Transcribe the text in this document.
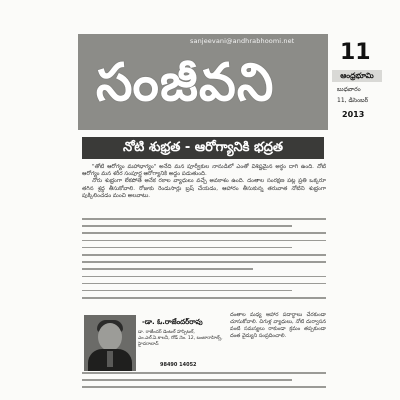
sanjeevani@andhrabhoomi.net
సంజీవని
11
ఆంధ్రభూమి
బుధవారం
11, డిసెంబర్
2013
నోటి శుభ్రత - ఆరోగ్యానికి భద్రత

"తోటి ఆరోగ్యం మహాభాగ్యం" అనేది మన పూర్వీకుల నానుడిలో ఎంతో విశిష్టమైన అర్థం దాగి ఉంది. నోటి ఆరోగ్యం మన శరీర సంపూర్ణ ఆరోగ్యానికి అద్దం పడుతుంది.

నోరు శుభ్రంగా లేకపోతే అనేక రకాల వ్యాధులు వచ్చే అవకాశం ఉంది. దంతాల సంరక్షణ పట్ల ప్రతి ఒక్కరూ తగిన శ్రద్ధ తీసుకోవాలి. రోజుకు రెండుసార్లు బ్రష్ చేయడం, ఆహారం తీసుకున్న తరువాత నోటిని శుభ్రంగా పుక్కిలించడం మంచి అలవాటు.

-డా. ఓ.రాజేందర్‌రావు
డా. రాజేందర్ డెంటల్ హాస్పిటల్, ఎం.ఎల్.ఏ.కాలనీ, రోడ్ నెం. 12, బంజారాహిల్స్, హైదరాబాద్
98490 14052
దంతాల మధ్య ఆహార పదార్థాలు చేరకుండా చూసుకోవాలి. చిగుళ్ల వ్యాధులు, నోటి దుర్వాసన వంటి సమస్యలు రాకుండా క్రమం తప్పకుండా దంత వైద్యుని సంప్రదించాలి.
